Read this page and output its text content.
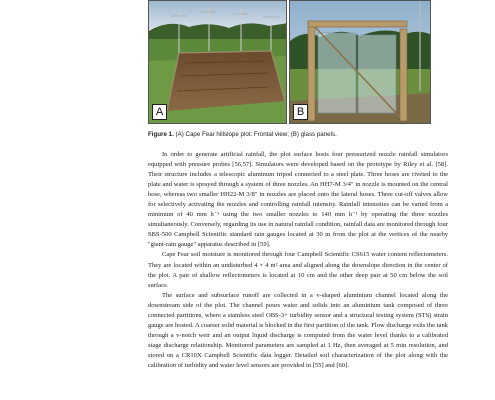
A	B
Figure 1. (A) Cape Fear hillslope plot: Frontal view; (B) glass panels.

In order to generate artificial rainfall, the plot surface hosts four pressurized nozzle rainfall simulators equipped with pressure probes [56,57]. Simulators were developed based on the prototype by Riley et al. [58]. Their structure includes a telescopic aluminum tripod connected to a steel plate. Three hoses are riveted to the plate and water is sprayed through a system of three nozzles. An HH7-M 3/4" in nozzle is mounted on the central hose, whereas two smaller HH22-M 3/8" in nozzles are placed onto the lateral hoses. Three cut-off valves allow for selectively activating the nozzles and controlling rainfall intensity. Rainfall intensities can be varied from a minimum of 40 mm h⁻¹ using the two smaller nozzles to 140 mm h⁻¹ by operating the three nozzles simultaneously. Conversely, regarding its use in natural rainfall condition, rainfall data are monitored through four SBS-500 Campbell Scientific standard rain gauges located at 30 m from the plot at the vertices of the nearby "giant-rain gauge" apparatus described in [59].

Cape Fear soil moisture is monitored through four Campbell Scientific CS615 water content reflectometers. They are located within an undisturbed 4 × 4 m² area and aligned along the downslope direction in the center of the plot. A pair of shallow reflectometers is located at 10 cm and the other deep pair at 50 cm below the soil surface.

The surface and subsurface runoff are collected in a v-shaped aluminium channel located along the downstream side of the plot. The channel pours water and solids into an aluminium tank composed of three connected partitions, where a stainless steel OBS-3+ turbidity sensor and a structural testing system (STS) strain gauge are hosted. A coarser solid material is blocked in the first partition of the tank. Flow discharge exits the tank through a v-notch weir and an output liquid discharge is computed from the water level thanks to a calibrated stage discharge relationship. Monitored parameters are sampled at 1 Hz, then averaged at 5 min resolution, and stored on a CR10X Campbell Scientific data logger. Detailed soil characterization of the plot along with the calibration of turbidity and water level sensors are provided in [55] and [60].
